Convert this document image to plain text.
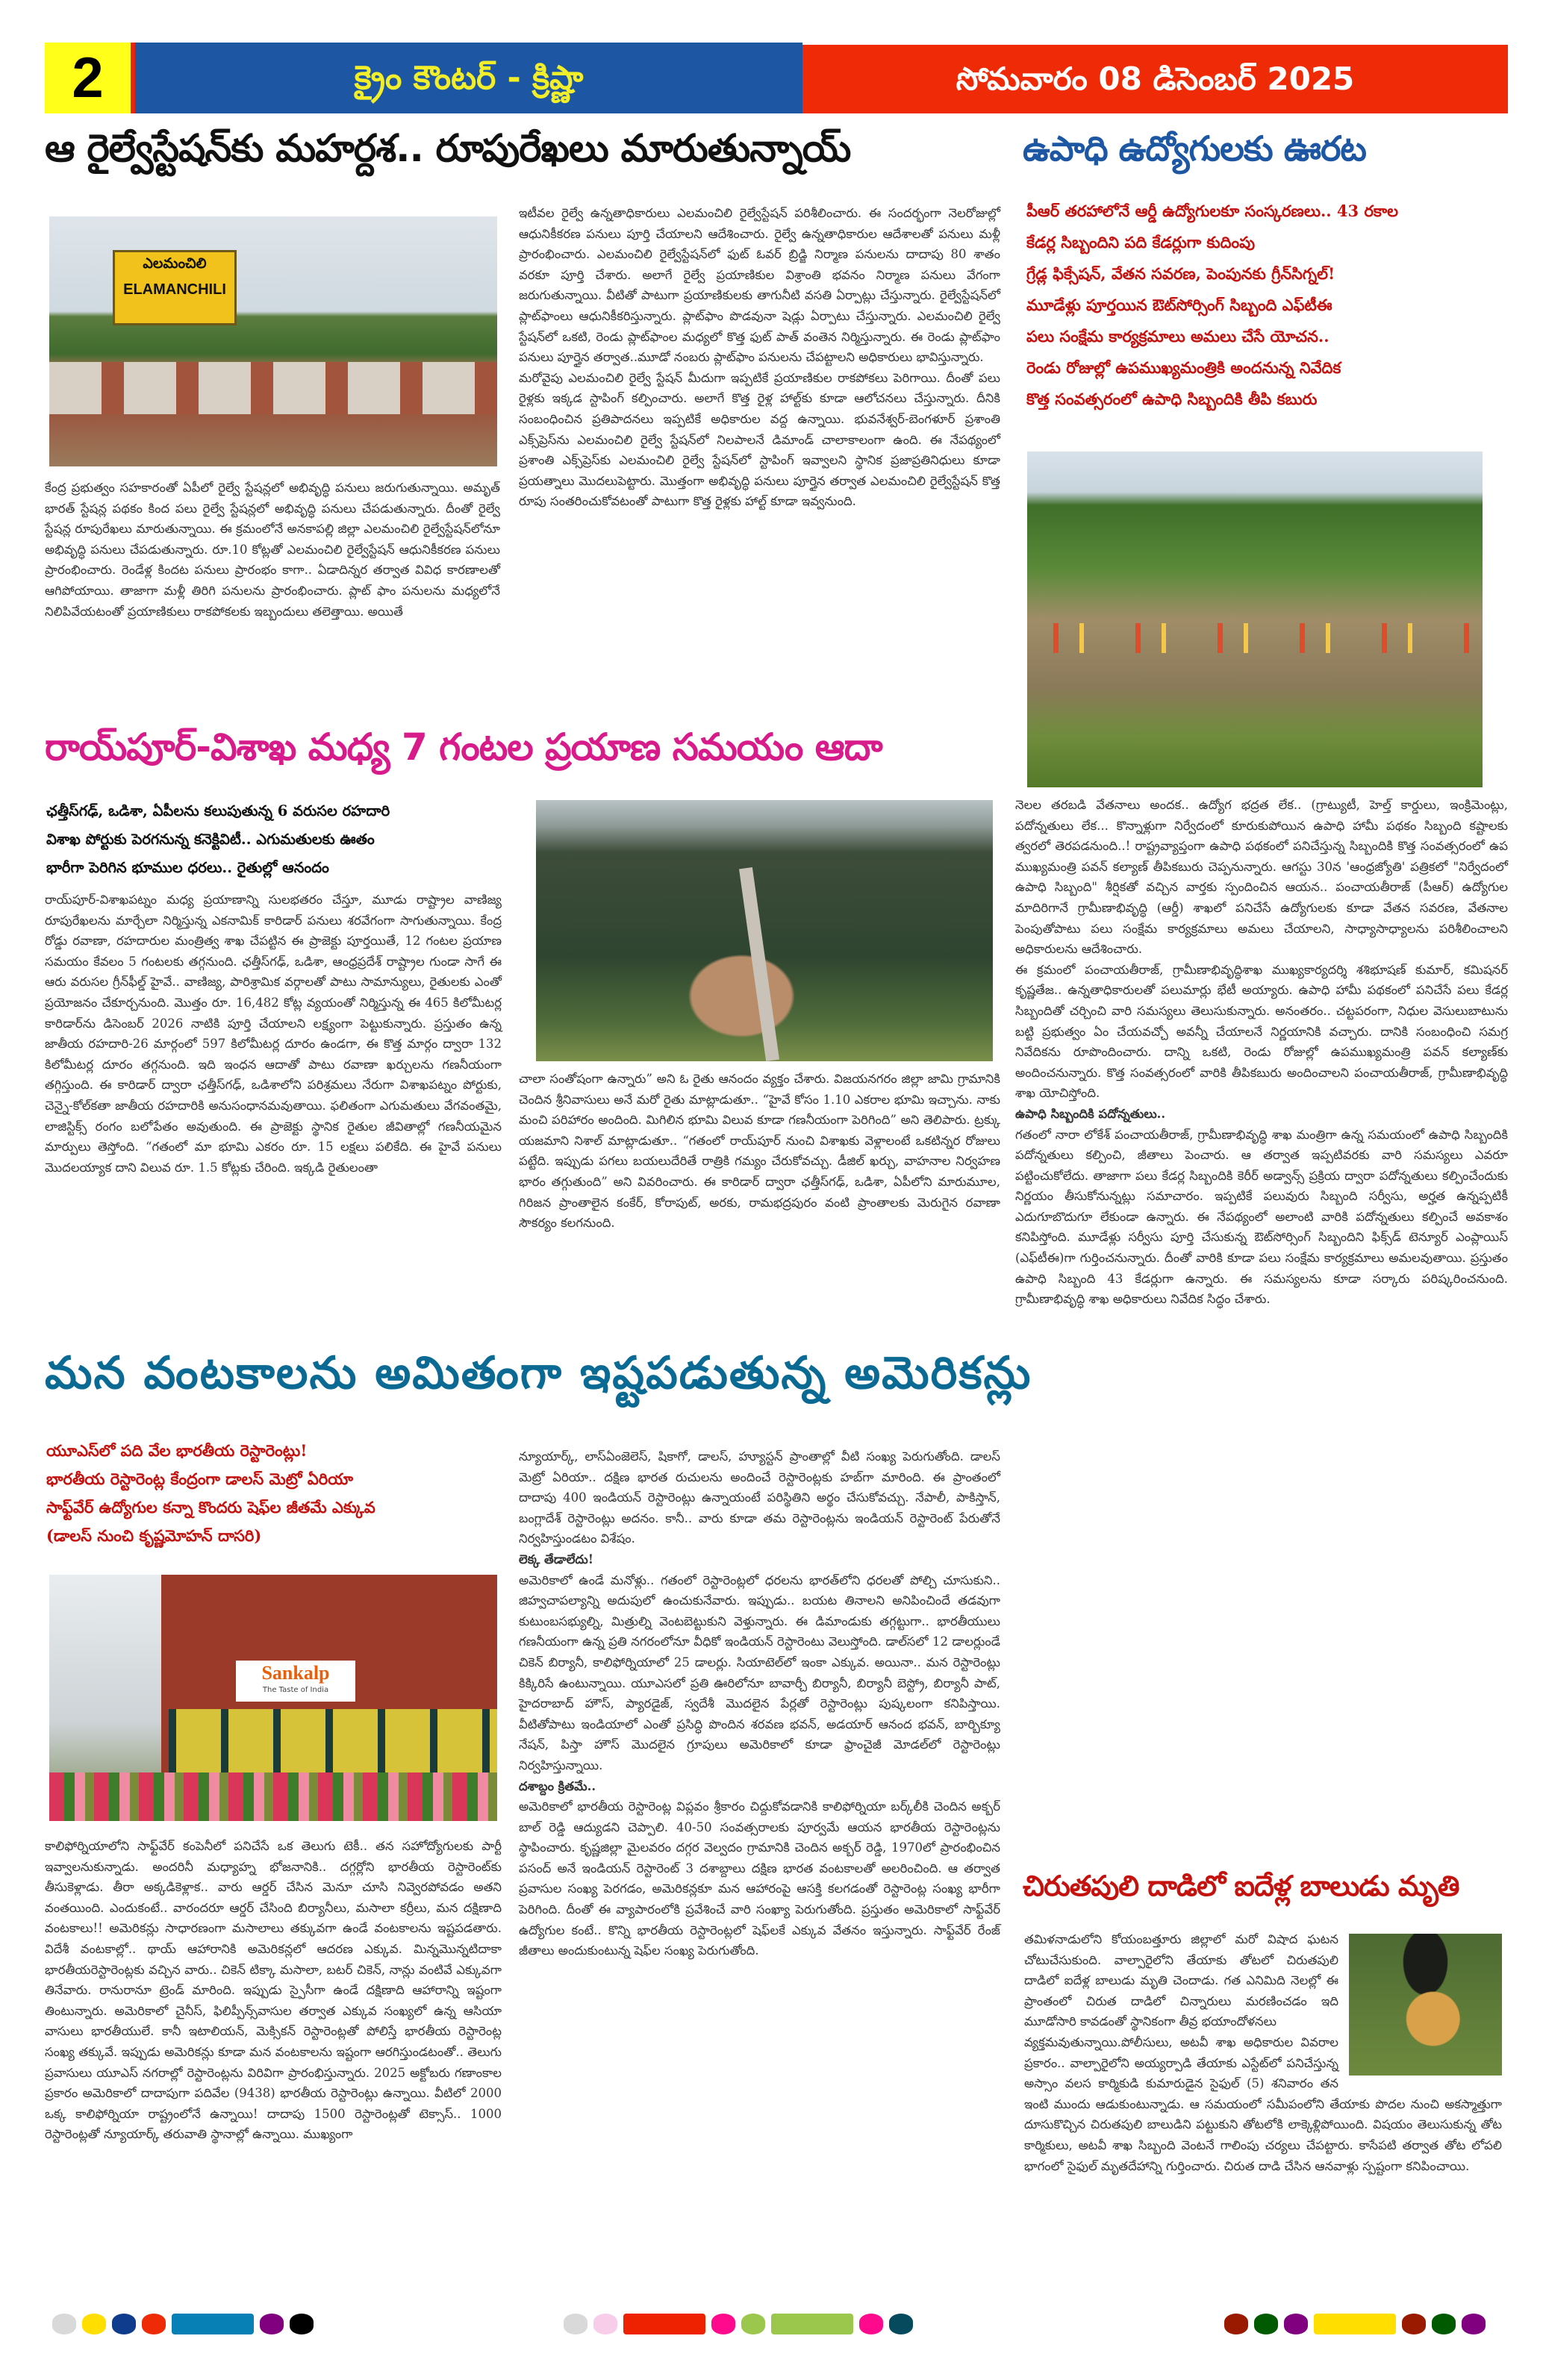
2	క్రైం కౌంటర్ - క్రిష్ణా	సోమవారం 08 డిసెంబర్ 2025
ఆ రైల్వేస్టేషన్‌కు మహర్దశ.. రూపురేఖలు మారుతున్నాయ్
ఎలమంచిలి
ELAMANCHILI
కేంద్ర ప్రభుత్వం సహకారంతో ఏపీలో రైల్వే స్టేషన్లలో అభివృద్ధి పనులు జరుగుతున్నాయి. అమృత్ భారత్ స్టేషన్ల పథకం కింద పలు రైల్వే స్టేషన్లలో అభివృద్ధి పనులు చేపడుతున్నారు. దీంతో రైల్వే స్టేషన్ల రూపురేఖలు మారుతున్నాయి. ఈ క్రమంలోనే అనకాపల్లి జిల్లా ఎలమంచిలి రైల్వేస్టేషన్‌లోనూ అభివృద్ధి పనులు చేపడుతున్నారు. రూ.10 కోట్లతో ఎలమంచిలి రైల్వేస్టేషన్ ఆధునికీకరణ పనులు ప్రారంభించారు. రెండేళ్ల కిందట పనులు ప్రారంభం కాగా.. ఏడాదిన్నర తర్వాత వివిధ కారణాలతో ఆగిపోయాయి. తాజాగా మళ్లీ తిరిగి పనులను ప్రారంభించారు. ప్లాట్ ఫాం పనులను మధ్యలోనే నిలిపివేయటంతో ప్రయాణికులు రాకపోకలకు ఇబ్బందులు తలెత్తాయి. అయితే
ఇటీవల రైల్వే ఉన్నతాధికారులు ఎలమంచిలి రైల్వేస్టేషన్ పరిశీలించారు. ఈ సందర్భంగా నెలరోజుల్లో ఆధునికీకరణ పనులు పూర్తి చేయాలని ఆదేశించారు. రైల్వే ఉన్నతాధికారుల ఆదేశాలతో పనులు మళ్లీ ప్రారంభించారు. ఎలమంచిలి రైల్వేస్టేషన్‌లో ఫుట్ ఓవర్ బ్రిడ్జి నిర్మాణ పనులను దాదాపు 80 శాతం వరకూ పూర్తి చేశారు. అలాగే రైల్వే ప్రయాణికుల విశ్రాంతి భవనం నిర్మాణ పనులు వేగంగా జరుగుతున్నాయి. వీటితో పాటుగా ప్రయాణికులకు తాగునీటి వసతి ఏర్పాట్లు చేస్తున్నారు. రైల్వేస్టేషన్‌లో ప్లాట్‌ఫాంలు ఆధునికీకరిస్తున్నారు. ప్లాట్‌ఫాం పొడవునా షెడ్లు ఏర్పాటు చేస్తున్నారు. ఎలమంచిలి రైల్వే స్టేషన్‌లో ఒకటి, రెండు ప్లాట్‌ఫాంల మధ్యలో కొత్త ఫుట్ పాత్ వంతెన నిర్మిస్తున్నారు. ఈ రెండు ప్లాట్‌ఫాం పనులు పూర్తైన తర్వాత..మూడో నంబరు ప్లాట్‌ఫాం పనులను చేపట్టాలని అధికారులు భావిస్తున్నారు.
మరోవైపు ఎలమంచిలి రైల్వే స్టేషన్ మీదుగా ఇప్పటికే ప్రయాణికుల రాకపోకలు పెరిగాయి. దీంతో పలు రైళ్లకు ఇక్కడ స్టాపింగ్ కల్పించారు. అలాగే కొత్త రైళ్ల హాల్ట్‌కు కూడా ఆలోచనలు చేస్తున్నారు. దీనికి సంబంధించిన ప్రతిపాదనలు ఇప్పటికే అధికారుల వద్ద ఉన్నాయి. భువనేశ్వర్-బెంగళూర్ ప్రశాంతి ఎక్స్‌ప్రెస్‌ను ఎలమంచిలి రైల్వే స్టేషన్‌లో నిలపాలనే డిమాండ్ చాలాకాలంగా ఉంది. ఈ నేపథ్యంలో ప్రశాంతి ఎక్స్‌ప్రెస్‌కు ఎలమంచిలి రైల్వే స్టేషన్‌లో స్టాపింగ్ ఇవ్వాలని స్థానిక ప్రజాప్రతినిధులు కూడా ప్రయత్నాలు మొదలుపెట్టారు. మొత్తంగా అభివృద్ధి పనులు పూర్తైన తర్వాత ఎలమంచిలి రైల్వేస్టేషన్ కొత్త రూపు సంతరించుకోవటంతో పాటుగా కొత్త రైళ్లకు హాల్ట్ కూడా ఇవ్వనుంది.
ఉపాధి ఉద్యోగులకు ఊరట
పీఆర్ తరహాలోనే ఆర్డీ ఉద్యోగులకూ సంస్కరణలు.. 43 రకాల
కేడర్ల సిబ్బందిని పది కేడర్లుగా కుదింపు
గ్రేడ్ల ఫిక్సేషన్, వేతన సవరణ, పెంపునకు గ్రీన్‌సిగ్నల్!
మూడేళ్లు పూర్తయిన ఔట్‌సోర్సింగ్ సిబ్బంది ఎఫ్‌టీఈ
పలు సంక్షేమ కార్యక్రమాలు అమలు చేసే యోచన..
రెండు రోజుల్లో ఉపముఖ్యమంత్రికి అందనున్న నివేదిక
కొత్త సంవత్సరంలో ఉపాధి సిబ్బందికి తీపి కబురు
నెలల తరబడి వేతనాలు అందక.. ఉద్యోగ భద్రత లేక.. (గ్రాట్యుటీ, హెల్త్ కార్డులు, ఇంక్రిమెంట్లు, పదోన్నతులు లేక... కొన్నాళ్లుగా నిర్వేదంలో కూరుకుపోయిన ఉపాధి హామీ పథకం సిబ్బంది కష్టాలకు త్వరలో తెరపడనుంది..! రాష్ట్రవ్యాప్తంగా ఉపాధి పథకంలో పనిచేస్తున్న సిబ్బందికి కొత్త సంవత్సరంలో ఉప ముఖ్యమంత్రి పవన్ కల్యాణ్ తీపికబురు చెప్పనున్నారు. ఆగస్టు 30న 'ఆంధ్రజ్యోతి' పత్రికలో "నిర్వేదంలో ఉపాధి సిబ్బంది" శీర్షికతో వచ్చిన వార్తకు స్పందించిన ఆయన.. పంచాయతీరాజ్ (పీఆర్) ఉద్యోగుల మాదిరిగానే గ్రామీణాభివృద్ధి (ఆర్డీ) శాఖలో పనిచేసే ఉద్యోగులకు కూడా వేతన సవరణ, వేతనాల పెంపుతోపాటు పలు సంక్షేమ కార్యక్రమాలు అమలు చేయాలని, సాధ్యాసాధ్యాలను పరిశీలించాలని అధికారులను ఆదేశించారు.
ఈ క్రమంలో పంచాయతీరాజ్, గ్రామీణాభివృద్ధిశాఖ ముఖ్యకార్యదర్శి శశిభూషణ్ కుమార్, కమిషనర్ కృష్ణతేజ.. ఉన్నతాధికారులతో పలుమార్లు భేటీ అయ్యారు. ఉపాధి హామీ పథకంలో పనిచేసే పలు కేడర్ల సిబ్బందితో చర్చించి వారి సమస్యలు తెలుసుకున్నారు. అనంతరం.. చట్టపరంగా, నిధుల వెసులుబాటును బట్టి ప్రభుత్వం ఏం చేయవచ్చో అవన్నీ చేయాలనే నిర్ణయానికి వచ్చారు. దానికి సంబంధించి సమగ్ర నివేదికను రూపొందించారు. దాన్ని ఒకటి, రెండు రోజుల్లో ఉపముఖ్యమంత్రి పవన్ కల్యాణ్‌కు అందించనున్నారు. కొత్త సంవత్సరంలో వారికి తీపికబురు అందించాలని పంచాయతీరాజ్, గ్రామీణాభివృద్ధి శాఖ యోచిస్తోంది.
ఉపాధి సిబ్బందికి పదోన్నతులు..
గతంలో నారా లోకేశ్ పంచాయతీరాజ్, గ్రామీణాభివృద్ధి శాఖ మంత్రిగా ఉన్న సమయంలో ఉపాధి సిబ్బందికి పదోన్నతులు కల్పించి, జీతాలు పెంచారు. ఆ తర్వాత ఇప్పటివరకు వారి సమస్యలు ఎవరూ పట్టించుకోలేదు. తాజాగా పలు కేడర్ల సిబ్బందికి కెరీర్ అడ్వాన్స్ ప్రక్రియ ద్వారా పదోన్నతులు కల్పించేందుకు నిర్ణయం తీసుకోనున్నట్లు సమాచారం. ఇప్పటికే పలువురు సిబ్బంది సర్వీసు, అర్హత ఉన్నప్పటికీ ఎదుగూబొదుగూ లేకుండా ఉన్నారు. ఈ నేపథ్యంలో అలాంటి వారికి పదోన్నతులు కల్పించే అవకాశం కనిపిస్తోంది. మూడేళ్లు సర్వీసు పూర్తి చేసుకున్న ఔట్‌సోర్సింగ్ సిబ్బందిని ఫిక్స్‌డ్ టెన్యూర్ ఎంప్లాయిస్ (ఎఫ్‌టీఈ)గా గుర్తించనున్నారు. దీంతో వారికి కూడా పలు సంక్షేమ కార్యక్రమాలు అమలవుతాయి. ప్రస్తుతం ఉపాధి సిబ్బంది 43 కేడర్లుగా ఉన్నారు. ఈ సమస్యలను కూడా సర్కారు పరిష్కరించనుంది. గ్రామీణాభివృద్ధి శాఖ అధికారులు నివేదిక సిద్ధం చేశారు.
రాయ్‌పూర్-విశాఖ మధ్య 7 గంటల ప్రయాణ సమయం ఆదా
ఛత్తీస్‌గఢ్, ఒడిశా, ఏపీలను కలుపుతున్న 6 వరుసల రహదారి
విశాఖ పోర్టుకు పెరగనున్న కనెక్టివిటీ.. ఎగుమతులకు ఊతం
భారీగా పెరిగిన భూముల ధరలు.. రైతుల్లో ఆనందం
రాయ్‌పూర్-విశాఖపట్నం మధ్య ప్రయాణాన్ని సులభతరం చేస్తూ, మూడు రాష్ట్రాల వాణిజ్య రూపురేఖలను మార్చేలా నిర్మిస్తున్న ఎకనామిక్ కారిడార్ పనులు శరవేగంగా సాగుతున్నాయి. కేంద్ర రోడ్డు రవాణా, రహదారుల మంత్రిత్వ శాఖ చేపట్టిన ఈ ప్రాజెక్టు పూర్తయితే, 12 గంటల ప్రయాణ సమయం కేవలం 5 గంటలకు తగ్గనుంది. ఛత్తీస్‌గఢ్, ఒడిశా, ఆంధ్రప్రదేశ్ రాష్ట్రాల గుండా సాగే ఈ ఆరు వరుసల గ్రీన్‌ఫీల్డ్ హైవే.. వాణిజ్య, పారిశ్రామిక వర్గాలతో పాటు సామాన్యులు, రైతులకు ఎంతో ప్రయోజనం చేకూర్చనుంది. మొత్తం రూ. 16,482 కోట్ల వ్యయంతో నిర్మిస్తున్న ఈ 465 కిలోమీటర్ల కారిడార్‌ను డిసెంబర్ 2026 నాటికి పూర్తి చేయాలని లక్ష్యంగా పెట్టుకున్నారు. ప్రస్తుతం ఉన్న జాతీయ రహదారి-26 మార్గంలో 597 కిలోమీటర్ల దూరం ఉండగా, ఈ కొత్త మార్గం ద్వారా 132 కిలోమీటర్ల దూరం తగ్గనుంది. ఇది ఇంధన ఆదాతో పాటు రవాణా ఖర్చులను గణనీయంగా తగ్గిస్తుంది. ఈ కారిడార్ ద్వారా ఛత్తీస్‌గఢ్, ఒడిశాలోని పరిశ్రమలు నేరుగా విశాఖపట్నం పోర్టుకు, చెన్నై-కోల్‌కతా జాతీయ రహదారికి అనుసంధానమవుతాయి. ఫలితంగా ఎగుమతులు వేగవంతమై, లాజిస్టిక్స్ రంగం బలోపేతం అవుతుంది. ఈ ప్రాజెక్టు స్థానిక రైతుల జీవితాల్లో గణనీయమైన మార్పులు తెస్తోంది. “గతంలో మా భూమి ఎకరం రూ. 15 లక్షలు పలికేది. ఈ హైవే పనులు మొదలయ్యాక దాని విలువ రూ. 1.5 కోట్లకు చేరింది. ఇక్కడి రైతులంతా
చాలా సంతోషంగా ఉన్నారు” అని ఓ రైతు ఆనందం వ్యక్తం చేశారు. విజయనగరం జిల్లా జామి గ్రామానికి చెందిన శ్రీనివాసులు అనే మరో రైతు మాట్లాడుతూ.. “హైవే కోసం 1.10 ఎకరాల భూమి ఇచ్చాను. నాకు మంచి పరిహారం అందింది. మిగిలిన భూమి విలువ కూడా గణనీయంగా పెరిగింది” అని తెలిపారు. ట్రక్కు యజమాని నిశాల్ మాట్లాడుతూ.. “గతంలో రాయ్‌పూర్ నుంచి విశాఖకు వెళ్లాలంటే ఒకటిన్నర రోజులు పట్టేది. ఇప్పుడు పగలు బయలుదేరితే రాత్రికి గమ్యం చేరుకోవచ్చు. డీజిల్ ఖర్చు, వాహనాల నిర్వహణ భారం తగ్గుతుంది” అని వివరించారు. ఈ కారిడార్ ద్వారా ఛత్తీస్‌గఢ్, ఒడిశా, ఏపీలోని మారుమూల, గిరిజన ప్రాంతాలైన కంకేర్, కోరాపుట్, అరకు, రామభద్రపురం వంటి ప్రాంతాలకు మెరుగైన రవాణా సౌకర్యం కలగనుంది.
మన వంటకాలను అమితంగా ఇష్టపడుతున్న అమెరికన్లు
యూఎస్‌లో పది వేల భారతీయ రెస్టారెంట్లు!
భారతీయ రెస్టారెంట్ల కేంద్రంగా డాలస్ మెట్రో ఏరియా
సాఫ్ట్‌వేర్ ఉద్యోగుల కన్నా కొందరు షెఫ్‌ల జీతమే ఎక్కువ
(డాలస్ నుంచి కృష్ణమోహన్ దాసరి)
Sankalp
The Taste of India
కాలిఫోర్నియాలోని సాఫ్ట్‌వేర్ కంపెనీలో పనిచేసే ఒక తెలుగు టెకీ.. తన సహోద్యోగులకు పార్టీ ఇవ్వాలనుకున్నాడు. అందరినీ మధ్యాహ్న భోజనానికి.. దగ్గర్లోని భారతీయ రెస్టారెంట్‌కు తీసుకెళ్లాడు. తీరా అక్కడికెళ్లాక.. వారు ఆర్డర్ చేసిన మెనూ చూసి నివ్వెరపోవడం అతని వంతయింది. ఎందుకంటే.. వారందరూ ఆర్డర్ చేసింది బిర్యానీలు, మసాలా కర్రీలు, మన దక్షిణాది వంటకాలు!! అమెరికన్లు సాధారణంగా మసాలాలు తక్కువగా ఉండే వంటకాలను ఇష్టపడతారు. విదేశీ వంటకాల్లో.. థాయ్ ఆహారానికి అమెరికన్లలో ఆదరణ ఎక్కువ. మిన్నమొన్నటిదాకా భారతీయరెస్టారెంట్లకు వచ్చిన వారు.. చికెన్ టిక్కా మసాలా, బటర్ చికెన్, నాన్లు వంటివే ఎక్కువగా తినేవారు. రానురానూ ట్రెండ్ మారింది. ఇప్పుడు స్పైసీగా ఉండే దక్షిణాది ఆహారాన్ని ఇష్టంగా తింటున్నారు. అమెరికాలో చైనీస్, ఫిలిప్పీన్స్‌వాసుల తర్వాత ఎక్కువ సంఖ్యలో ఉన్న ఆసియా వాసులు భారతీయులే. కానీ ఇటాలియన్, మెక్సికన్ రెస్టారెంట్లతో పోలిస్తే భారతీయ రెస్టారెంట్ల సంఖ్య తక్కువే. ఇప్పుడు అమెరికన్లు కూడా మన వంటకాలను ఇష్టంగా ఆరగిస్తుండటంతో.. తెలుగు ప్రవాసులు యూఎస్ నగరాల్లో రెస్టారెంట్లను విరివిగా ప్రారంభిస్తున్నారు. 2025 అక్టోబరు గణాంకాల ప్రకారం అమెరికాలో దాదాపుగా పదివేల (9438) భారతీయ రెస్టారెంట్లు ఉన్నాయి. వీటిలో 2000 ఒక్క కాలిఫోర్నియా రాష్ట్రంలోనే ఉన్నాయి! దాదాపు 1500 రెస్టారెంట్లతో టెక్సాస్.. 1000 రెస్టారెంట్లతో న్యూయార్క్ తరువాతి స్థానాల్లో ఉన్నాయి. ముఖ్యంగా
న్యూయార్క్, లాస్‌ఏంజెలెస్, షికాగో, డాలస్, హ్యూస్టన్ ప్రాంతాల్లో వీటి సంఖ్య పెరుగుతోంది. డాలస్ మెట్రో ఏరియా.. దక్షిణ భారత రుచులను అందించే రెస్టారెంట్లకు హబ్‌గా మారింది. ఈ ప్రాంతంలో దాదాపు 400 ఇండియన్ రెస్టారెంట్లు ఉన్నాయంటే పరిస్థితిని అర్థం చేసుకోవచ్చు. నేపాలీ, పాకిస్తాన్, బంగ్లాదేశ్ రెస్టారెంట్లు అదనం. కానీ.. వారు కూడా తమ రెస్టారెంట్లను ఇండియన్ రెస్టారెంట్ పేరుతోనే నిర్వహిస్తుండటం విశేషం.
లెక్క తేడాలేదు!
అమెరికాలో ఉండే మనోళ్లు.. గతంలో రెస్టారెంట్లలో ధరలను భారత్‌లోని ధరలతో పోల్చి చూసుకుని.. జిహ్వచాపల్యాన్ని అదుపులో ఉంచుకునేవారు. ఇప్పుడు.. బయట తినాలని అనిపించిందే తడవుగా కుటుంబసభ్యుల్ని, మిత్రుల్ని వెంటబెట్టుకుని వెళ్తున్నారు. ఈ డిమాండుకు తగ్గట్టుగా.. భారతీయులు గణనీయంగా ఉన్న ప్రతి నగరంలోనూ వీధికో ఇండియన్ రెస్టారెంటు వెలుస్తోంది. డాల్‌సలో 12 డాలర్లుండే చికెన్ బిర్యానీ, కాలిఫోర్నియాలో 25 డాలర్లు. సియాటెల్‌లో ఇంకా ఎక్కువ. అయినా.. మన రెస్టారెంట్లు కిక్కిరిసే ఉంటున్నాయి. యూఎస‌లో ప్రతి ఊరిలోనూ బావార్చీ బిర్యానీ, బిర్యానీ బెస్ట్రో, బిర్యానీ పాట్, హైదరాబాద్ హౌస్, ప్యారడైజ్, స్వదేశీ మొదలైన పేర్లతో రెస్టారెంట్లు పుష్కలంగా కనిపిస్తాయి. వీటితోపాటు ఇండియాలో ఎంతో ప్రసిద్ధి పొందిన శరవణ భవన్, అడయార్ ఆనంద భవన్, బార్బిక్యూ నేషన్, పిస్తా హౌస్ మొదలైన గ్రూపులు అమెరికాలో కూడా ఫ్రాంచైజీ మోడల్‌లో రెస్టారెంట్లు నిర్వహిస్తున్నాయి.
దశాబ్దం క్రితమే..
అమెరికాలో భారతీయ రెస్టారెంట్ల విప్లవం శ్రీకారం చిద్దుకోవడానికి కాలిఫోర్నియా బర్క్‌లీకి చెందిన అక్బర్ బాల్ రెడ్డి ఆద్యుడని చెప్పాలి. 40-50 సంవత్సరాలకు పూర్వమే ఆయన భారతీయ రెస్టారెంట్లను స్థాపించారు. కృష్ణజిల్లా మైలవరం దగ్గర వెల్వదం గ్రామానికి చెందిన అక్బర్ రెడ్డి, 1970లో ప్రారంభించిన పసంద్ అనే ఇండియన్ రెస్టారెంట్ 3 దశాబ్దాలు దక్షిణ భారత వంటకాలతో అలరించింది. ఆ తర్వాత ప్రవాసుల సంఖ్య పెరగడం, అమెరికన్లకూ మన ఆహారంపై ఆసక్తి కలగడంతో రెస్టారెంట్ల సంఖ్య భారీగా పెరిగింది. దీంతో ఈ వ్యాపారంలోకి ప్రవేశించే వారి సంఖ్యా పెరుగుతోంది. ప్రస్తుతం అమెరికాలో సాఫ్ట్‌వేర్ ఉద్యోగుల కంటే.. కొన్ని భారతీయ రెస్టారెంట్లలో షెఫ్‌లకే ఎక్కువ వేతనం ఇస్తున్నారు. సాఫ్ట్‌వేర్ రేంజ్ జీతాలు అందుకుంటున్న షెఫ్‌ల సంఖ్య పెరుగుతోంది.
చిరుతపులి దాడిలో ఐదేళ్ల బాలుడు మృతి
తమిళనాడులోని కోయంబత్తూరు జిల్లాలో మరో విషాద ఘటన చోటుచేసుకుంది. వాల్పారైలోని తేయాకు తోటలో చిరుతపులి దాడిలో ఐదేళ్ల బాలుడు మృతి చెందాడు. గత ఎనిమిది నెలల్లో ఈ ప్రాంతంలో చిరుత దాడిలో చిన్నారులు మరణించడం ఇది మూడోసారి కావడంతో స్థానికంగా తీవ్ర భయాందోళనలు
వ్యక్తమవుతున్నాయి.పోలీసులు, అటవీ శాఖ అధికారుల వివరాల ప్రకారం.. వాల్పారైలోని అయ్యర్పాడి తేయాకు ఎస్టేట్‌లో పనిచేస్తున్న అస్సాం వలస కార్మికుడి కుమారుడైన సైఫుల్ (5) శనివారం తన ఇంటి ముందు ఆడుకుంటున్నాడు. ఆ సమయంలో సమీపంలోని తేయాకు పొదల నుంచి అకస్మాత్తుగా దూసుకొచ్చిన చిరుతపులి బాలుడిని పట్టుకుని తోటలోకి లాక్కెళ్లిపోయింది. విషయం తెలుసుకున్న తోట కార్మికులు, అటవీ శాఖ సిబ్బంది వెంటనే గాలింపు చర్యలు చేపట్టారు. కాసేపటి తర్వాత తోట లోపలి భాగంలో సైఫుల్ మృతదేహాన్ని గుర్తించారు. చిరుత దాడి చేసిన ఆనవాళ్లు స్పష్టంగా కనిపించాయి.
